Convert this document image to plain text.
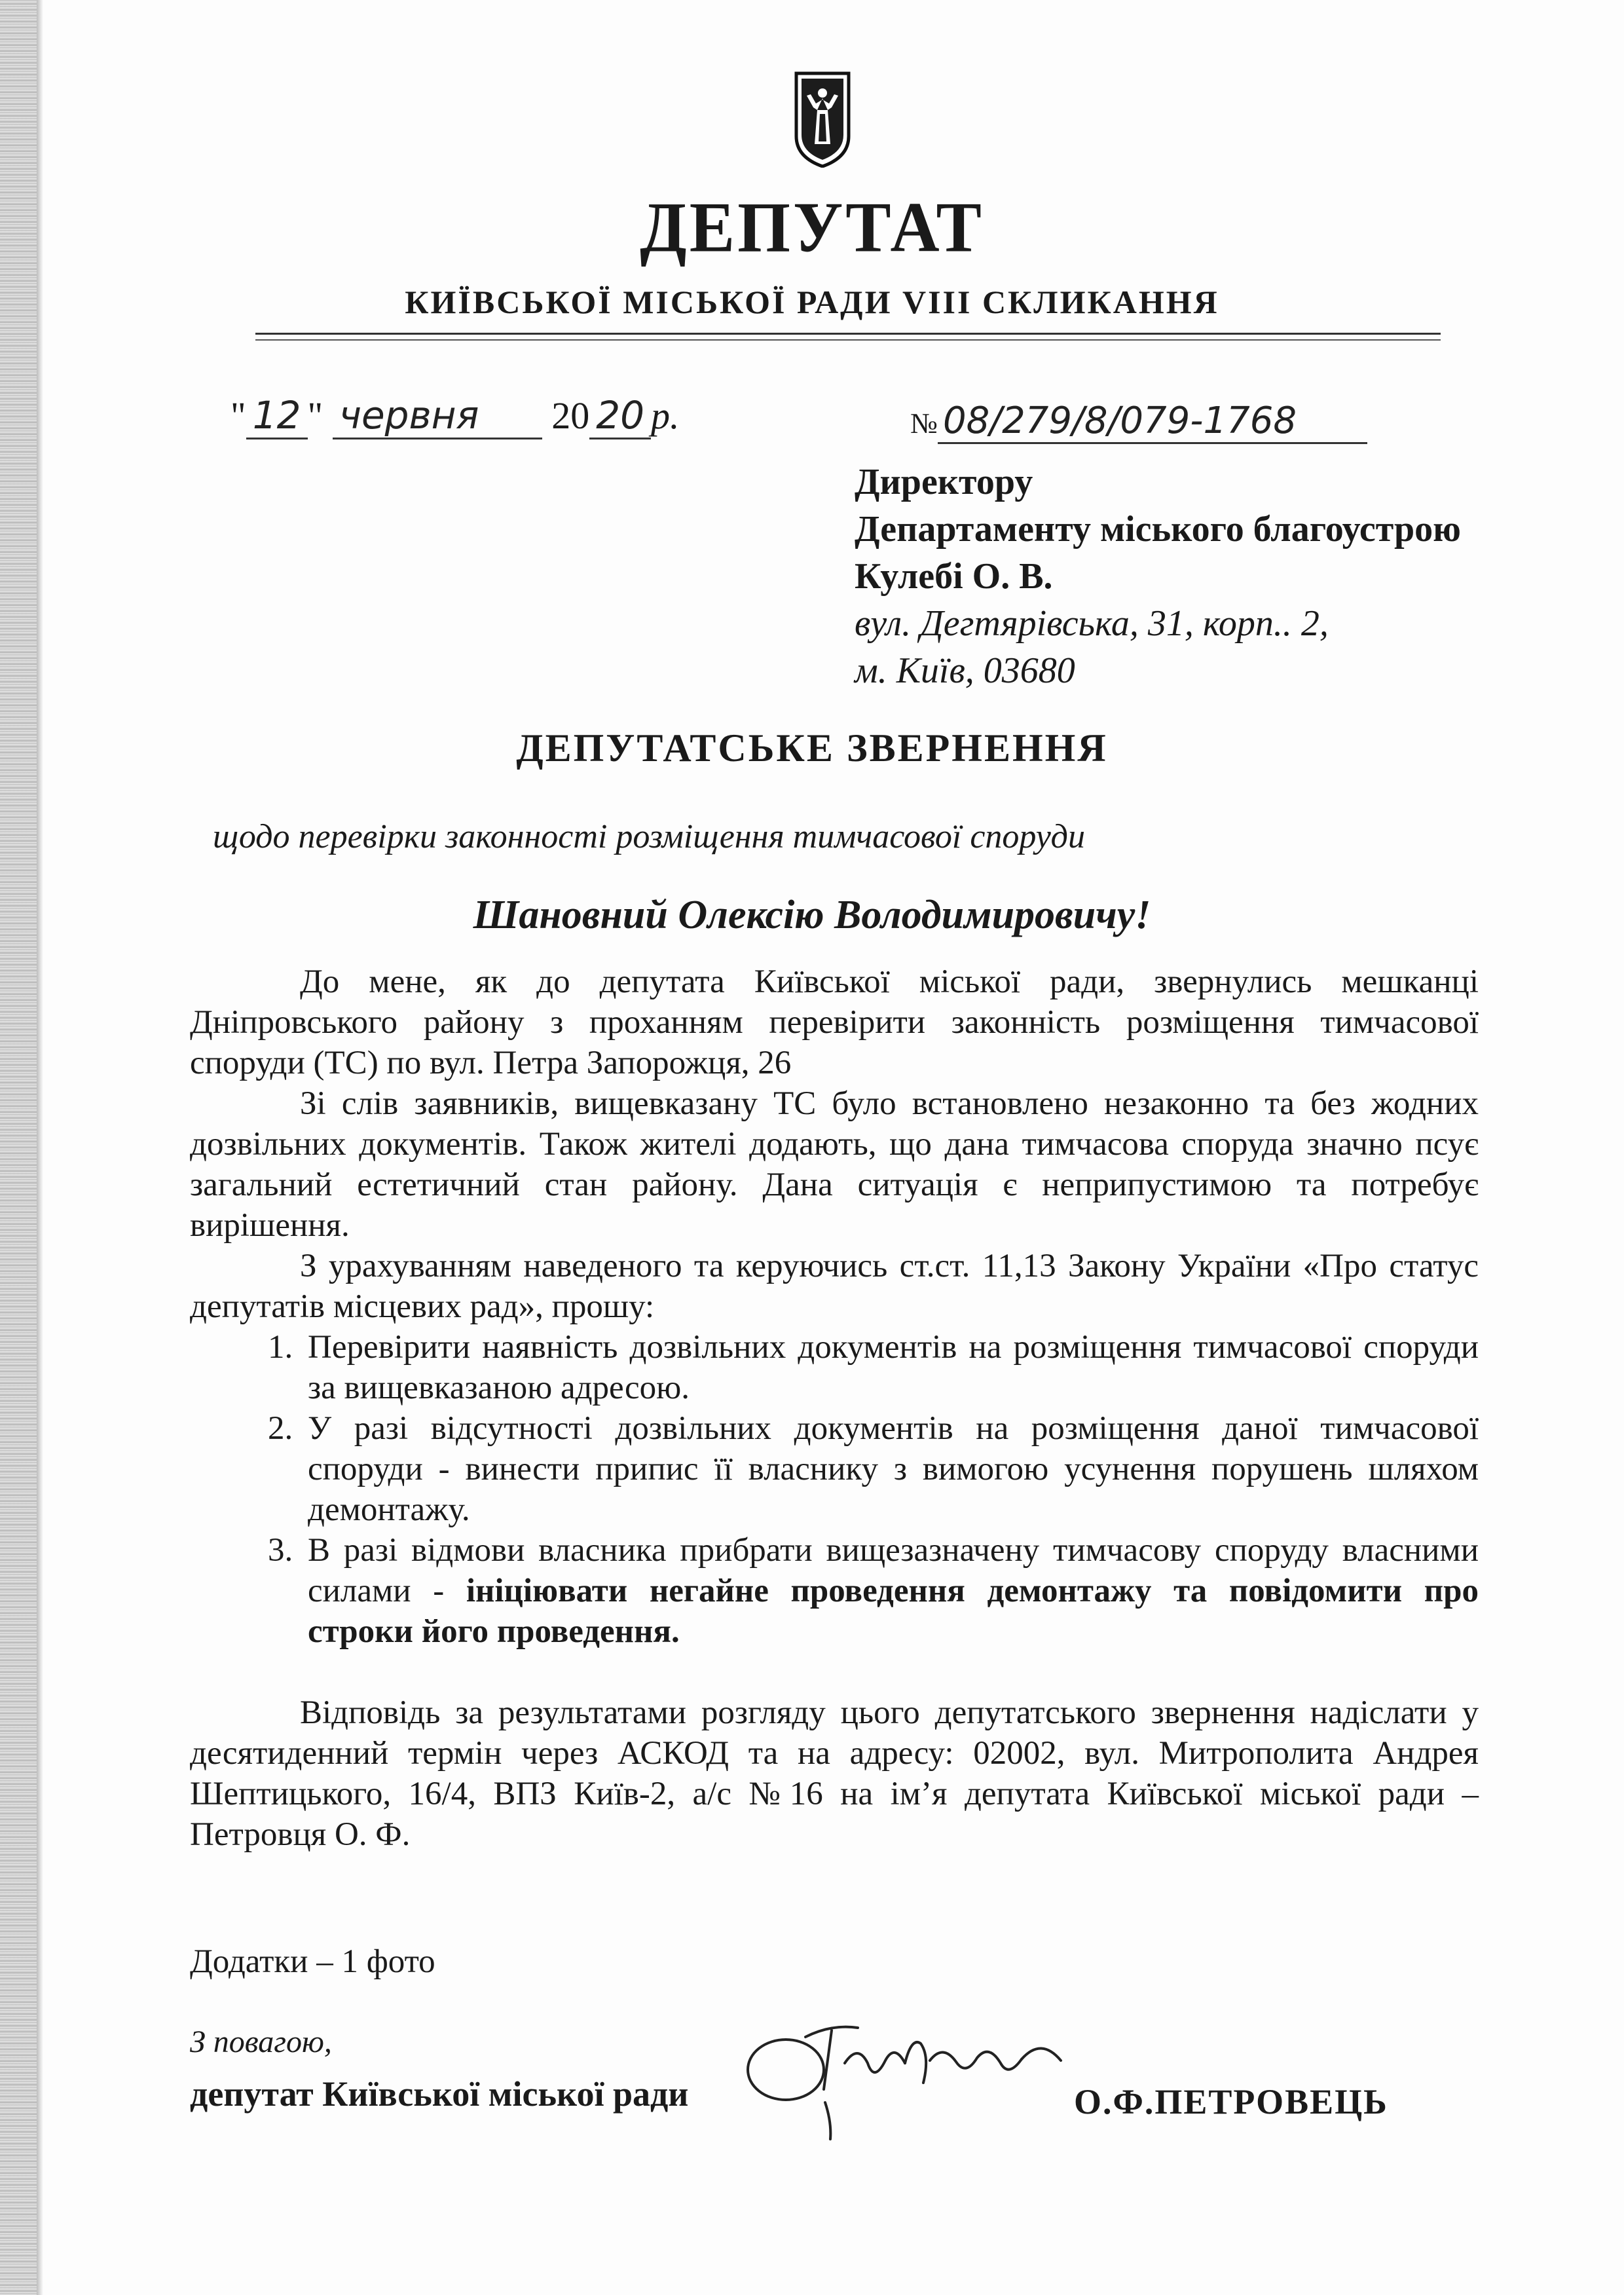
ДЕПУТАТ
КИЇВСЬКОЇ МІСЬКОЇ РАДИ VIII СКЛИКАННЯ
" 12 " червня 20 20 р.	№ 08/279/8/079-1768
Директору
Департаменту міського благоустрою
Кулебі О. В.
вул. Дегтярівська, 31, корп.. 2,
м. Київ, 03680
ДЕПУТАТСЬКЕ ЗВЕРНЕННЯ
щодо перевірки законності розміщення тимчасової споруди
Шановний Олексію Володимировичу!

До мене, як до депутата Київської міської ради, звернулись мешканці Дніпровського району з проханням перевірити законність розміщення тимчасової споруди (ТС) по вул. Петра Запорожця, 26

Зі слів заявників, вищевказану ТС було встановлено незаконно та без жодних дозвільних документів. Також жителі додають, що дана тимчасова споруда значно псує загальний естетичний стан району. Дана ситуація є неприпустимою та потребує вирішення.

З урахуванням наведеного та керуючись ст.ст. 11,13 Закону України «Про статус депутатів місцевих рад», прошу:

1. Перевірити наявність дозвільних документів на розміщення тимчасової споруди за вищевказаною адресою.
2. У разі відсутності дозвільних документів на розміщення даної тимчасової споруди - винести припис її власнику з вимогою усунення порушень шляхом демонтажу.
3. В разі відмови власника прибрати вищезазначену тимчасову споруду власними силами - ініціювати негайне проведення демонтажу та повідомити про строки його проведення.

Відповідь за результатами розгляду цього депутатського звернення надіслати у десятиденний термін через АСКОД та на адресу: 02002, вул. Митрополита Андрея Шептицького, 16/4, ВПЗ Київ-2, а/с №16 на ім’я депутата Київської міської ради – Петровця О. Ф.

Додатки – 1 фото
З повагою,
депутат Київської міської ради	О.Ф.ПЕТРОВЕЦЬ
